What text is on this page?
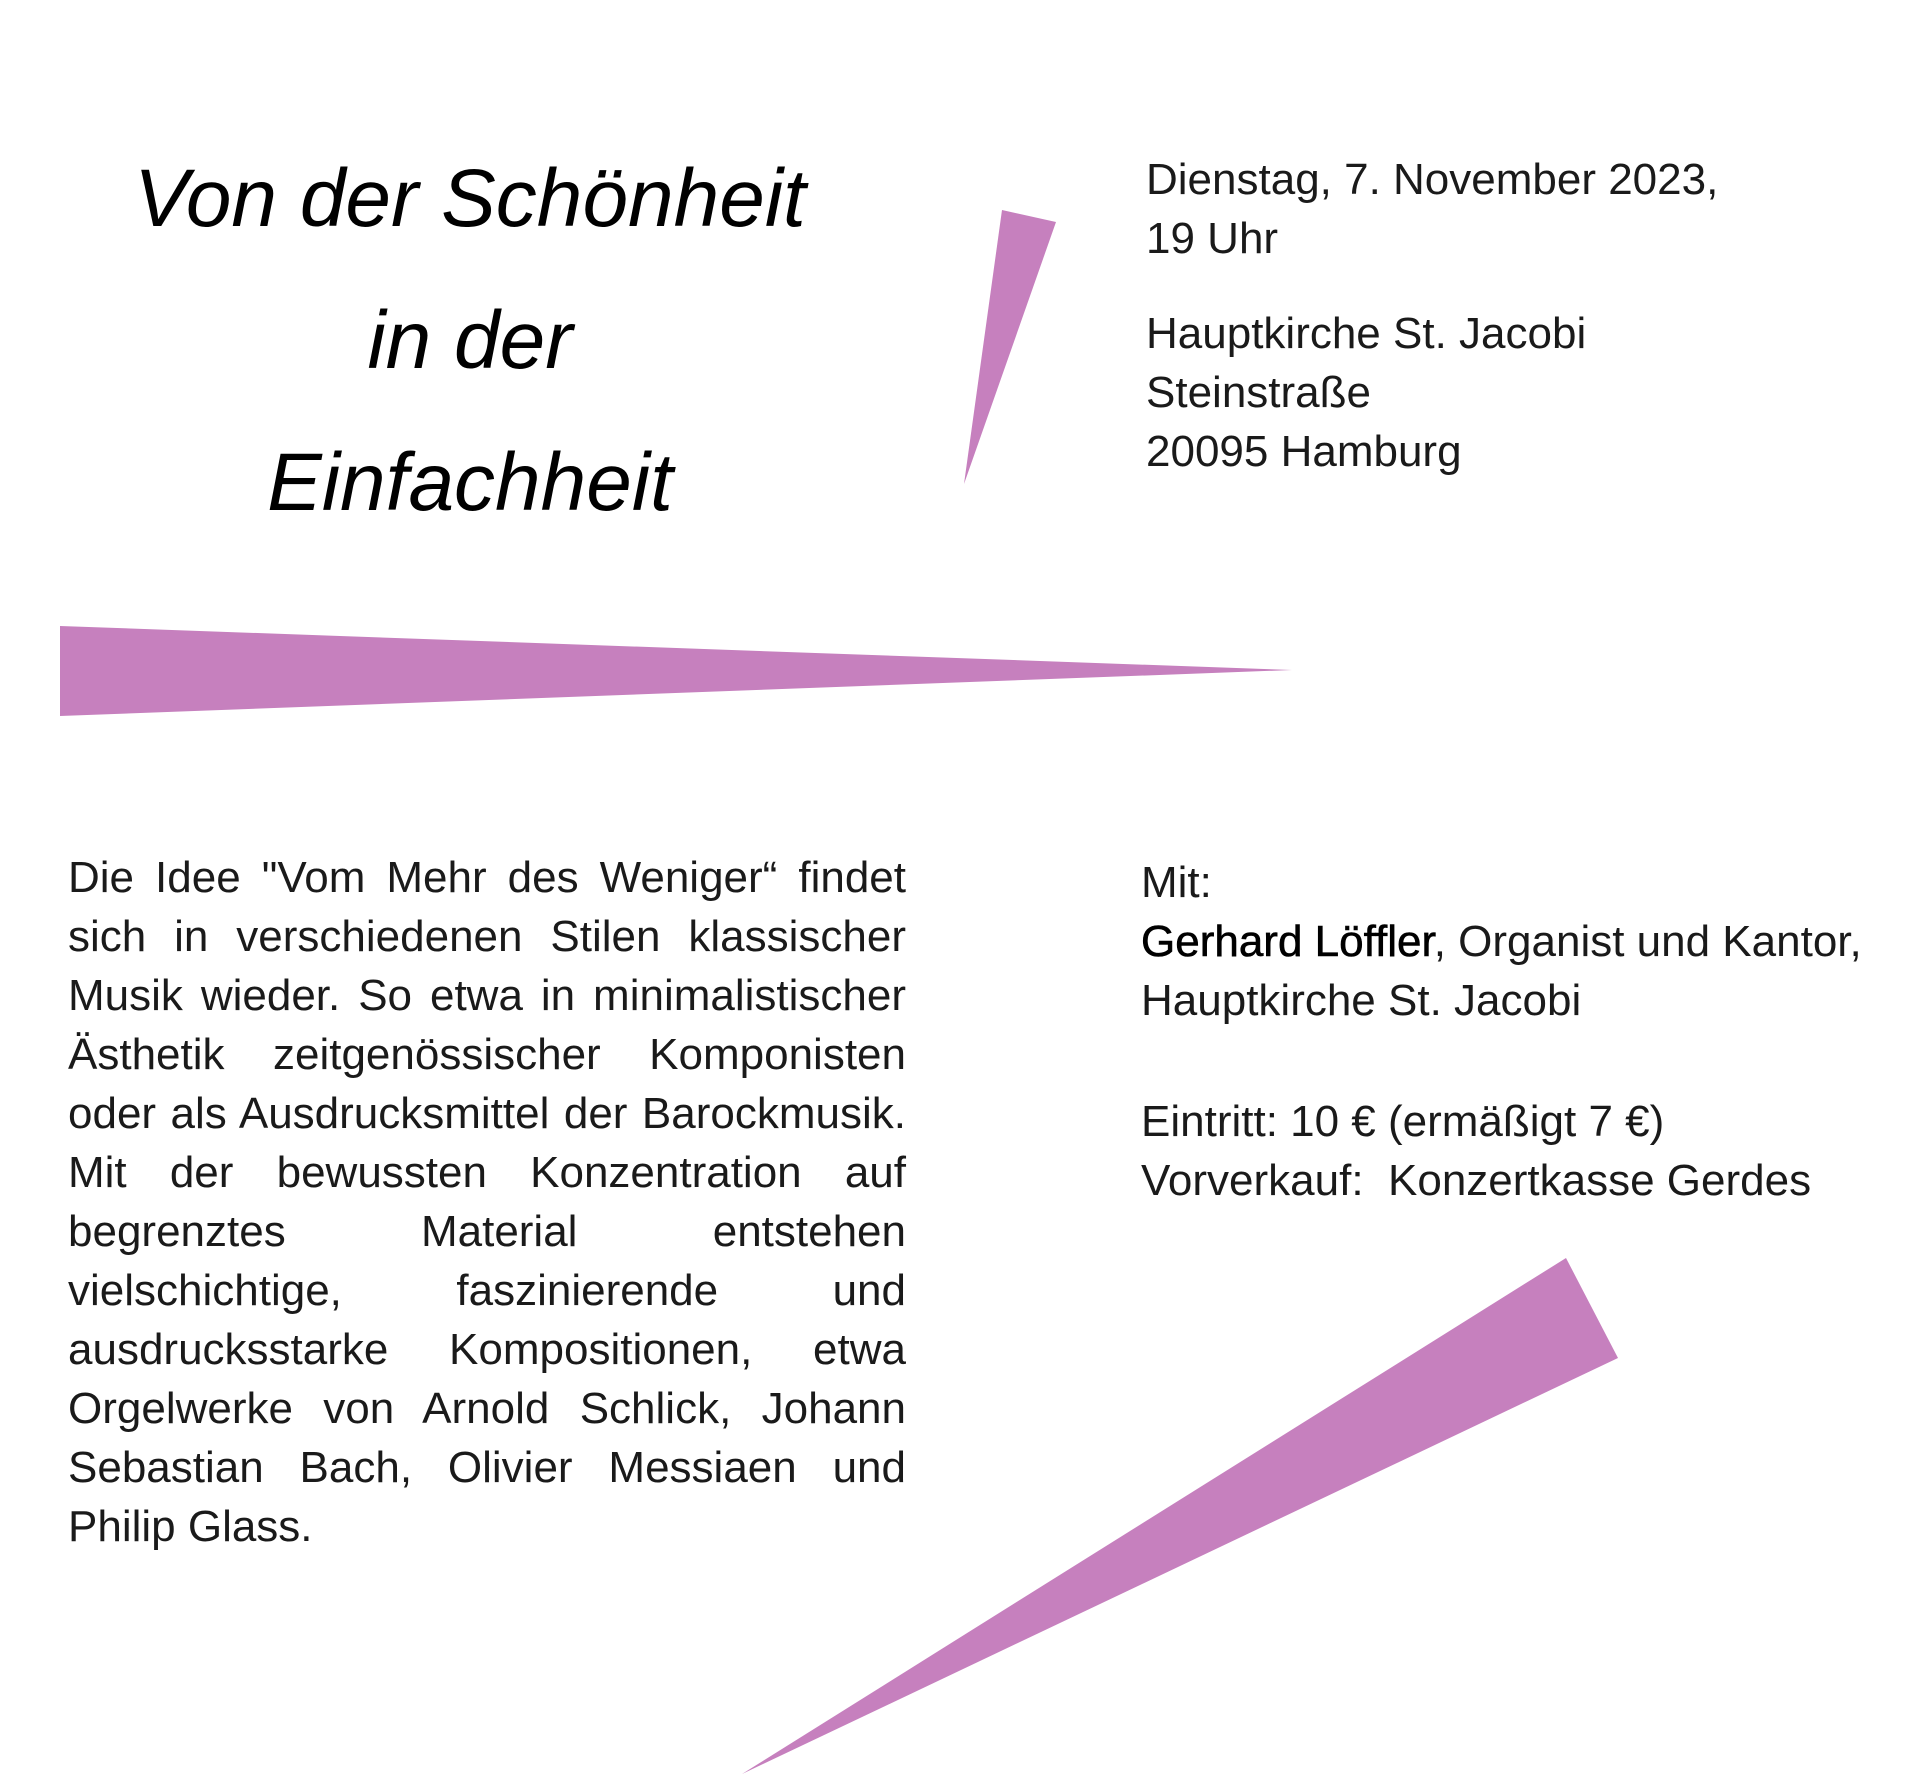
Von der Schönheit
in der
Einfachheit
Dienstag, 7. November 2023,
19 Uhr
Hauptkirche St. Jacobi
Steinstraße
20095 Hamburg

Die Idee "Vom Mehr des Weniger“ findet sich in verschiedenen Stilen klassischer Musik wieder. So etwa in minimalistischer Ästhetik zeitgenössischer Komponisten oder als Ausdrucksmittel der Barockmusik. Mit der bewussten Konzentration auf begrenztes Material entstehen vielschichtige, faszinierende und ausdrucksstarke Kompositionen, etwa Orgelwerke von Arnold Schlick, Johann Sebastian Bach, Olivier Messiaen und Philip Glass.

Mit:
Gerhard Löffler, Organist und Kantor,
Hauptkirche St. Jacobi
Eintritt: 10 € (ermäßigt 7 €)
Vorverkauf:  Konzertkasse Gerdes
